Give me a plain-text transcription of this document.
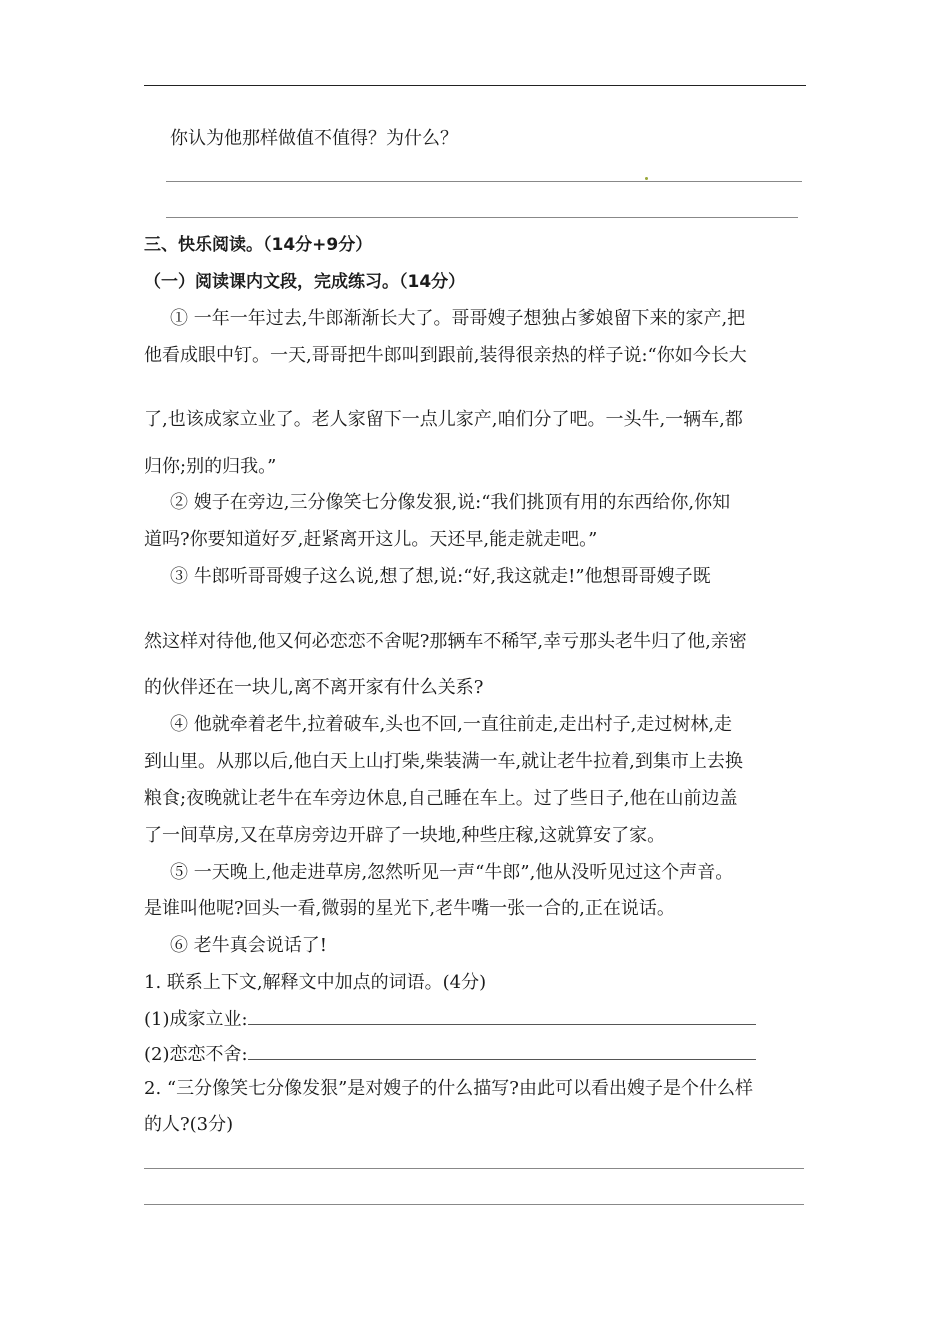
你认为他那样做值不值得？为什么？
三、快乐阅读。（14分+9分）
（一）阅读课内文段，完成练习。（14分）
① 一年一年过去,牛郎渐渐长大了。哥哥嫂子想独占爹娘留下来的家产,把
他看成眼中钉。一天,哥哥把牛郎叫到跟前,装得很亲热的样子说:“你如今长大
了,也该成家立业了。老人家留下一点儿家产,咱们分了吧。一头牛,一辆车,都
归你;别的归我。”
② 嫂子在旁边,三分像笑七分像发狠,说:“我们挑顶有用的东西给你,你知
道吗?你要知道好歹,赶紧离开这儿。天还早,能走就走吧。”
③ 牛郎听哥哥嫂子这么说,想了想,说:“好,我这就走!”他想哥哥嫂子既
然这样对待他,他又何必恋恋不舍呢?那辆车不稀罕,幸亏那头老牛归了他,亲密
的伙伴还在一块儿,离不离开家有什么关系?
④ 他就牵着老牛,拉着破车,头也不回,一直往前走,走出村子,走过树林,走
到山里。从那以后,他白天上山打柴,柴装满一车,就让老牛拉着,到集市上去换
粮食;夜晚就让老牛在车旁边休息,自己睡在车上。过了些日子,他在山前边盖
了一间草房,又在草房旁边开辟了一块地,种些庄稼,这就算安了家。
⑤ 一天晚上,他走进草房,忽然听见一声“牛郎”,他从没听见过这个声音。
是谁叫他呢?回头一看,微弱的星光下,老牛嘴一张一合的,正在说话。
⑥ 老牛真会说话了!
1. 联系上下文,解释文中加点的词语。(4分)
(1)成家立业:
(2)恋恋不舍:
2. “三分像笑七分像发狠”是对嫂子的什么描写?由此可以看出嫂子是个什么样
的人?(3分)
